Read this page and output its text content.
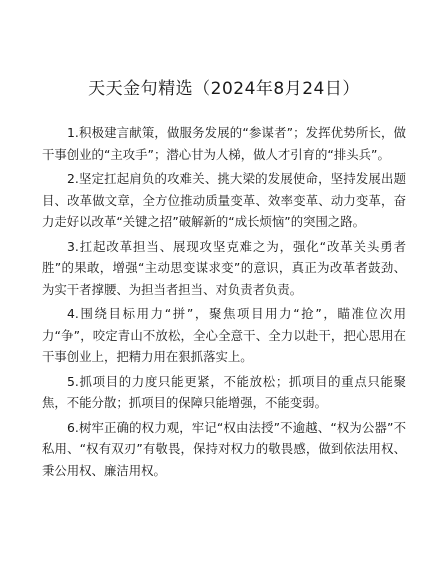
天天金句精选（2024年8月24日）

1.积极建言献策，做服务发展的“参谋者”；发挥优势所长，做干事创业的“主攻手”；潜心甘为人梯，做人才引育的“排头兵”。

2.坚定扛起肩负的攻难关、挑大梁的发展使命，坚持发展出题目、改革做文章，全方位推动质量变革、效率变革、动力变革，奋力走好以改革“关键之招”破解新的“成长烦恼”的突围之路。

3.扛起改革担当、展现攻坚克难之为，强化“改革关头勇者胜”的果敢，增强“主动思变谋求变”的意识，真正为改革者鼓劲、为实干者撑腰、为担当者担当、对负责者负责。

4.围绕目标用力“拼”，聚焦项目用力“抢”，瞄准位次用力“争”，咬定青山不放松，全心全意干、全力以赴干，把心思用在干事创业上，把精力用在狠抓落实上。

5.抓项目的力度只能更紧，不能放松；抓项目的重点只能聚焦，不能分散；抓项目的保障只能增强，不能变弱。

6.树牢正确的权力观，牢记“权由法授”不逾越、“权为公器”不私用、“权有双刃”有敬畏，保持对权力的敬畏感，做到依法用权、秉公用权、廉洁用权。
